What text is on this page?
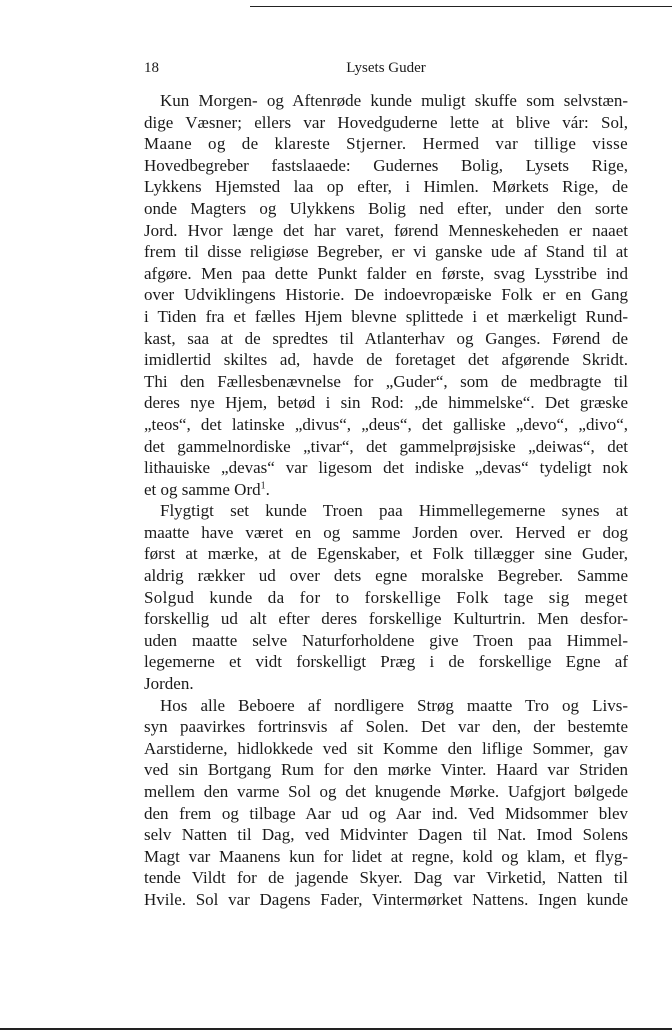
18	Lysets Guder
Kun Morgen- og Aftenrøde kunde muligt skuffe som selvstæn-
dige Væsner; ellers var Hovedguderne lette at blive vár: Sol,
Maane og de klareste Stjerner. Hermed var tillige visse
Hovedbegreber fastslaaede: Gudernes Bolig, Lysets Rige,
Lykkens Hjemsted laa op efter, i Himlen. Mørkets Rige, de
onde Magters og Ulykkens Bolig ned efter, under den sorte
Jord. Hvor længe det har varet, førend Menneskeheden er naaet
frem til disse religiøse Begreber, er vi ganske ude af Stand til at
afgøre. Men paa dette Punkt falder en første, svag Lysstribe ind
over Udviklingens Historie. De indoevropæiske Folk er en Gang
i Tiden fra et fælles Hjem blevne splittede i et mærkeligt Rund-
kast, saa at de spredtes til Atlanterhav og Ganges. Førend de
imidlertid skiltes ad, havde de foretaget det afgørende Skridt.
Thi den Fællesbenævnelse for „Guder“, som de medbragte til
deres nye Hjem, betød i sin Rod: „de himmelske“. Det græske
„teos“, det latinske „divus“, „deus“, det galliske „devo“, „divo“,
det gammelnordiske „tivar“, det gammelprøjsiske „deiwas“, det
lithauiske „devas“ var ligesom det indiske „devas“ tydeligt nok
et og samme Ord$^1$.
Flygtigt set kunde Troen paa Himmellegemerne synes at
maatte have været en og samme Jorden over. Herved er dog
først at mærke, at de Egenskaber, et Folk tillægger sine Guder,
aldrig rækker ud over dets egne moralske Begreber. Samme
Solgud kunde da for to forskellige Folk tage sig meget
forskellig ud alt efter deres forskellige Kulturtrin. Men desfor-
uden maatte selve Naturforholdene give Troen paa Himmel-
legemerne et vidt forskelligt Præg i de forskellige Egne af
Jorden.
Hos alle Beboere af nordligere Strøg maatte Tro og Livs-
syn paavirkes fortrinsvis af Solen. Det var den, der bestemte
Aarstiderne, hidlokkede ved sit Komme den liflige Sommer, gav
ved sin Bortgang Rum for den mørke Vinter. Haard var Striden
mellem den varme Sol og det knugende Mørke. Uafgjort bølgede
den frem og tilbage Aar ud og Aar ind. Ved Midsommer blev
selv Natten til Dag, ved Midvinter Dagen til Nat. Imod Solens
Magt var Maanens kun for lidet at regne, kold og klam, et flyg-
tende Vildt for de jagende Skyer. Dag var Virketid, Natten til
Hvile. Sol var Dagens Fader, Vintermørket Nattens. Ingen kunde
